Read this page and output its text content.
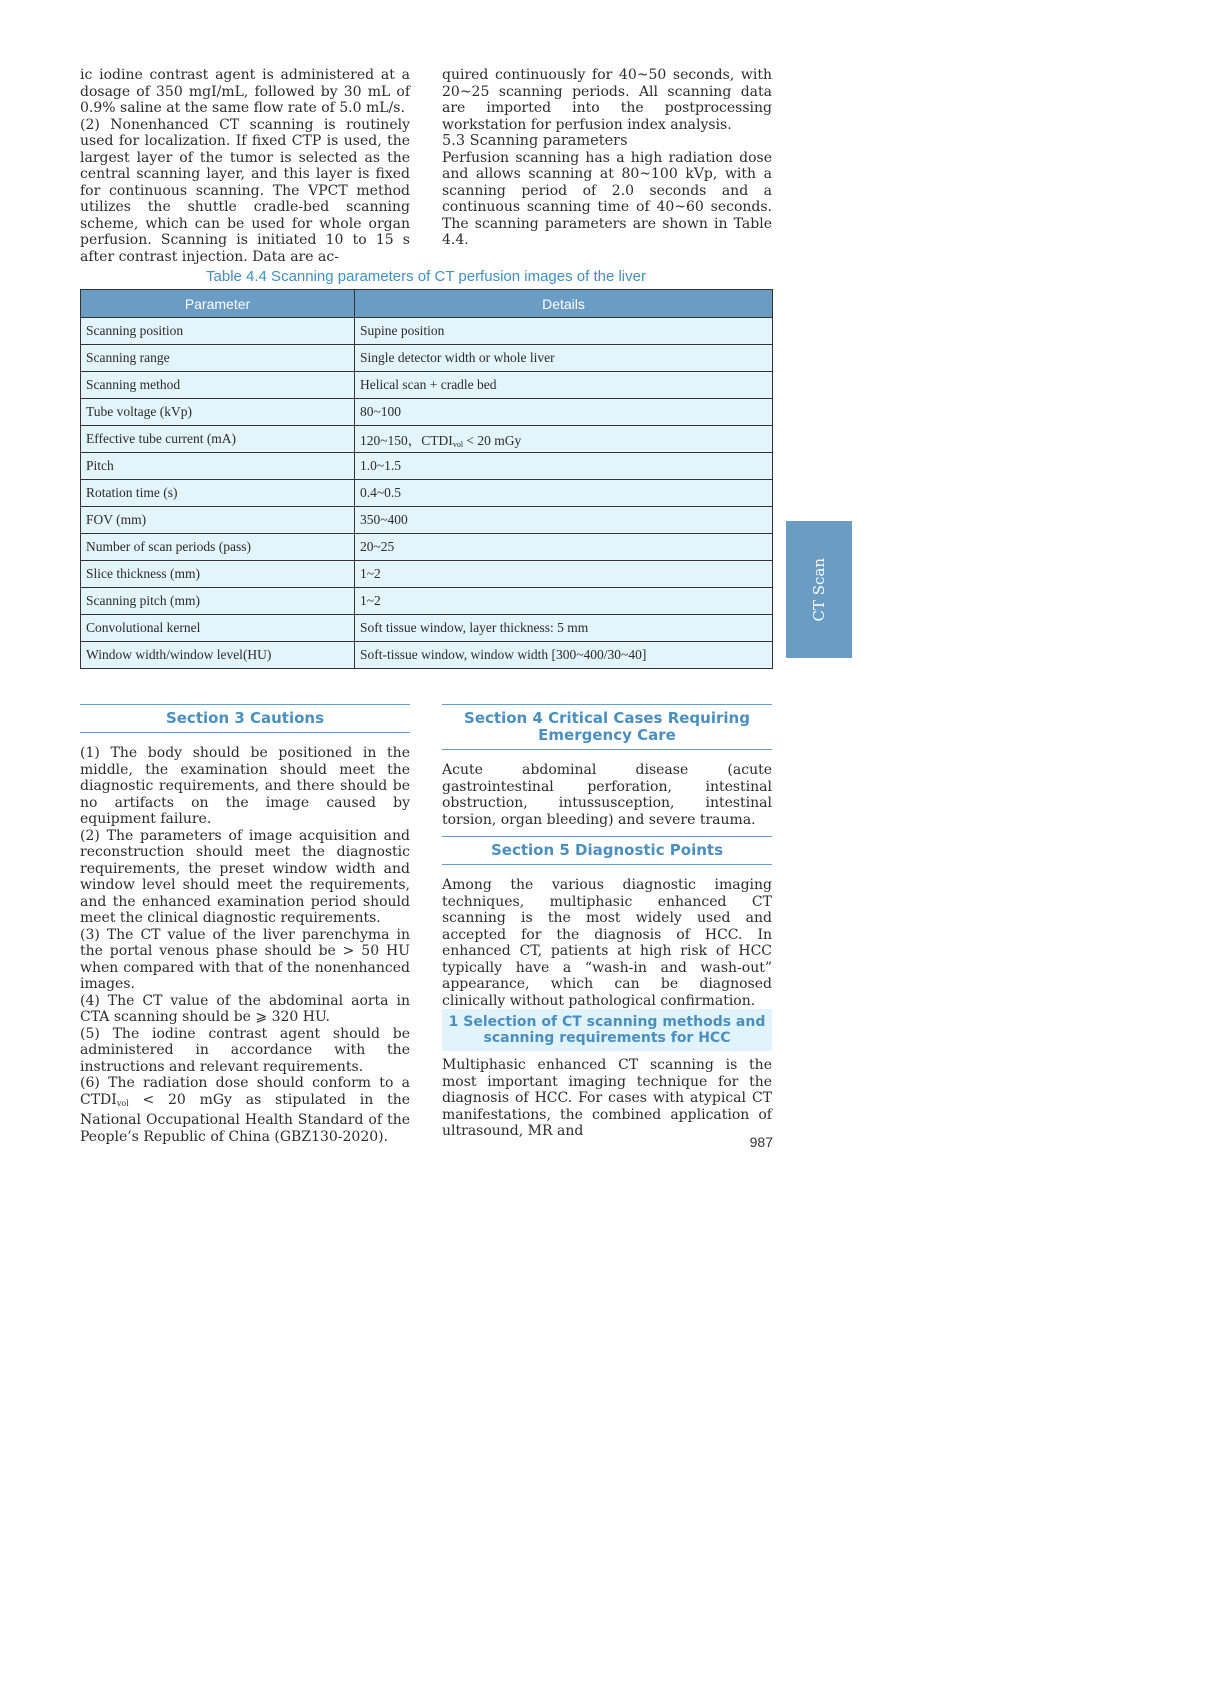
ic iodine contrast agent is administered at a dosage of 350 mgI/mL, followed by 30 mL of 0.9% saline at the same flow rate of 5.0 mL/s.

(2) Nonenhanced CT scanning is routinely used for localization. If fixed CTP is used, the largest layer of the tumor is selected as the central scanning layer, and this layer is fixed for continuous scanning. The VPCT method utilizes the shuttle cradle-bed scanning scheme, which can be used for whole organ perfusion. Scanning is initiated 10 to 15 s after contrast injection. Data are ac-

quired continuously for 40~50 seconds, with 20~25 scanning periods. All scanning data are imported into the postprocessing workstation for perfusion index analysis.

5.3 Scanning parameters

Perfusion scanning has a high radiation dose and allows scanning at 80~100 kVp, with a scanning period of 2.0 seconds and a continuous scanning time of 40~60 seconds. The scanning parameters are shown in Table 4.4.

Table 4.4 Scanning parameters of CT perfusion images of the liver
Parameter	Details
Scanning position	Supine position
Scanning range	Single detector width or whole liver
Scanning method	Helical scan + cradle bed
Tube voltage (kVp)	80~100
Effective tube current (mA)	120~150，$CTDI_{vol} < 20$ mGy
Pitch	1.0~1.5
Rotation time (s)	0.4~0.5
FOV (mm)	350~400
Number of scan periods (pass)	20~25
Slice thickness (mm)	1~2
Scanning pitch (mm)	1~2
Convolutional kernel	Soft tissue window, layer thickness: 5 mm
Window width/window level(HU)	Soft-tissue window, window width [300~400/30~40]
CT Scan
Section 3 Cautions

(1) The body should be positioned in the middle, the examination should meet the diagnostic requirements, and there should be no artifacts on the image caused by equipment failure.

(2) The parameters of image acquisition and reconstruction should meet the diagnostic requirements, the preset window width and window level should meet the requirements, and the enhanced examination period should meet the clinical diagnostic requirements.

(3) The CT value of the liver parenchyma in the portal venous phase should be > 50 HU when compared with that of the nonenhanced images.

(4) The CT value of the abdominal aorta in CTA scanning should be ⩾ 320 HU.

(5) The iodine contrast agent should be administered in accordance with the instructions and relevant requirements.

(6) The radiation dose should conform to a $CTDI_{vol} < 20$ mGy as stipulated in the National Occupational Health Standard of the People’s Republic of China (GBZ130-2020).

Section 4 Critical Cases Requiring Emergency Care

Acute abdominal disease (acute gastrointestinal perforation, intestinal obstruction, intussusception, intestinal torsion, organ bleeding) and severe trauma.

Section 5 Diagnostic Points

Among the various diagnostic imaging techniques, multiphasic enhanced CT scanning is the most widely used and accepted for the diagnosis of HCC. In enhanced CT, patients at high risk of HCC typically have a “wash-in and wash-out” appearance, which can be diagnosed clinically without pathological confirmation.

1 Selection of CT scanning methods and scanning requirements for HCC

Multiphasic enhanced CT scanning is the most important imaging technique for the diagnosis of HCC. For cases with atypical CT manifestations, the combined application of ultrasound, MR and

987
